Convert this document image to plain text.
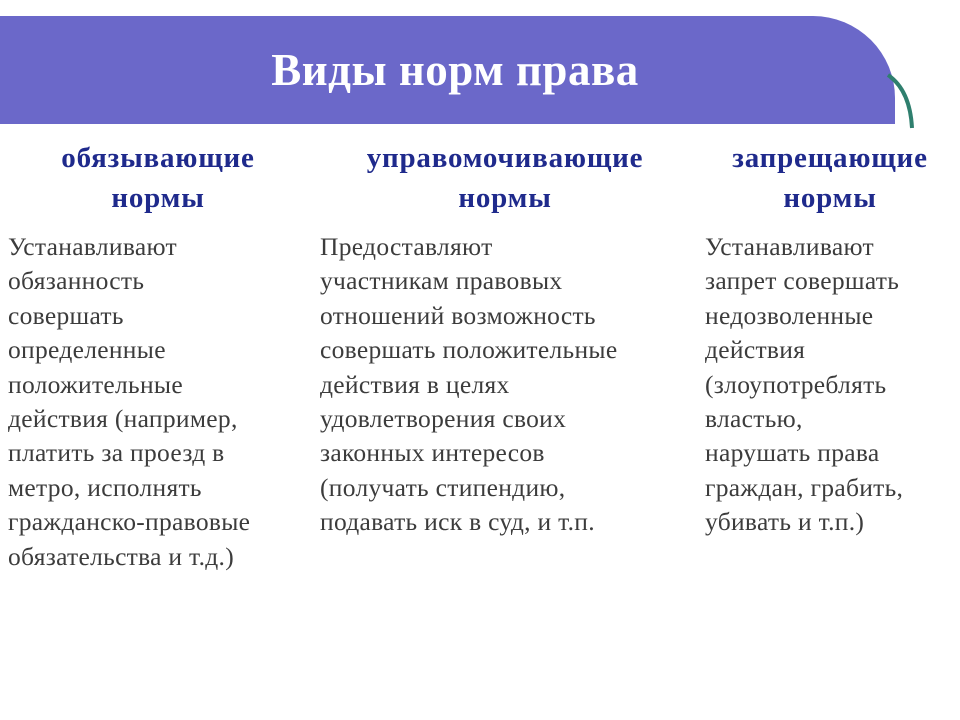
Виды норм права
обязывающие
нормы
Устанавливают
обязанность
совершать
определенные
положительные
действия (например,
платить за проезд в
метро, исполнять
гражданско-правовые
обязательства и т.д.)
управомочивающие
нормы
Предоставляют
участникам правовых
отношений возможность
совершать положительные
действия в целях
удовлетворения своих
законных интересов
(получать стипендию,
подавать иск в суд, и т.п.
запрещающие
нормы
Устанавливают
запрет совершать
недозволенные
действия
(злоупотреблять
властью,
нарушать права
граждан, грабить,
убивать и т.п.)
